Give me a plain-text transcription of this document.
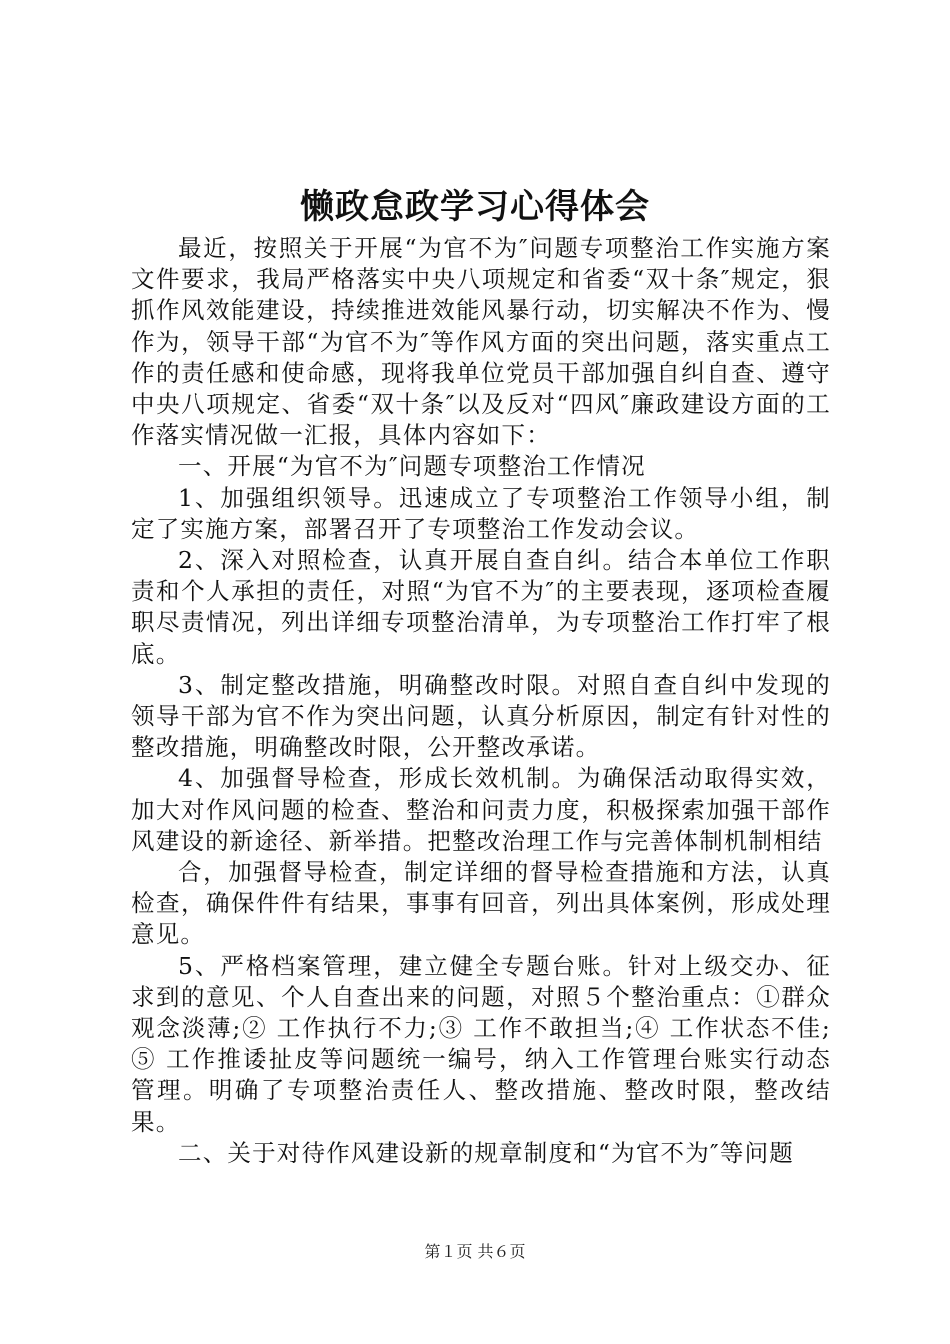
懒政怠政学习心得体会

最近，按照关于开展“为官不为″问题专项整治工作实施方案文件要求，我局严格落实中央八项规定和省委“双十条″规定，狠抓作风效能建设，持续推进效能风暴行动，切实解决不作为、慢作为，领导干部“为官不为″等作风方面的突出问题，落实重点工作的责任感和使命感，现将我单位党员干部加强自纠自查、遵守中央八项规定、省委“双十条″以及反对“四风″廉政建设方面的工作落实情况做一汇报，具体内容如下：

一、开展“为官不为″问题专项整治工作情况

1、加强组织领导。迅速成立了专项整治工作领导小组，制定了实施方案，部署召开了专项整治工作发动会议。

2、深入对照检查，认真开展自查自纠。结合本单位工作职责和个人承担的责任，对照“为官不为″的主要表现，逐项检查履职尽责情况，列出详细专项整治清单，为专项整治工作打牢了根底。

3、制定整改措施，明确整改时限。对照自查自纠中发现的领导干部为官不作为突出问题，认真分析原因，制定有针对性的整改措施，明确整改时限，公开整改承诺。

4、加强督导检查，形成长效机制。为确保活动取得实效，加大对作风问题的检查、整治和问责力度，积极探索加强干部作风建设的新途径、新举措。把整改治理工作与完善体制机制相结

合，加强督导检查，制定详细的督导检查措施和方法，认真检查，确保件件有结果，事事有回音，列出具体案例，形成处理意见。

5、严格档案管理，建立健全专题台账。针对上级交办、征求到的意见、个人自查出来的问题，对照５个整治重点：①群众观念淡薄;② 工作执行不力;③ 工作不敢担当;④ 工作状态不佳;⑤ 工作推诿扯皮等问题统一编号，纳入工作管理台账实行动态管理。明确了专项整治责任人、整改措施、整改时限，整改结果。

二、关于对待作风建设新的规章制度和“为官不为″等问题

第１页 共６页
